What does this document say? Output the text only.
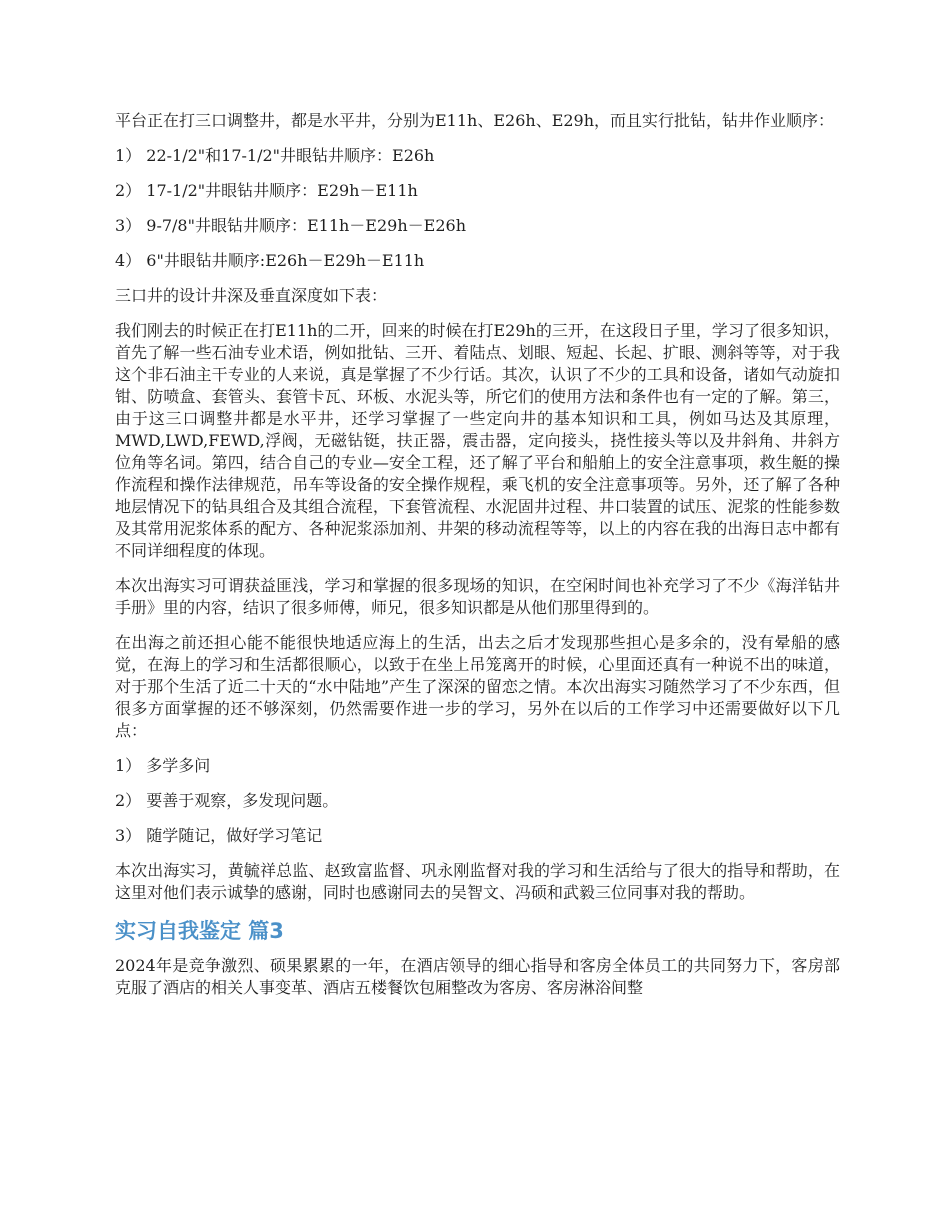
平台正在打三口调整井，都是水平井，分别为E11h、E26h、E29h，而且实行批钻，钻井作业顺序：

1） 22-1/2"和17-1/2"井眼钻井顺序：E26h

2） 17-1/2"井眼钻井顺序：E29h－E11h

3） 9-7/8"井眼钻井顺序：E11h－E29h－E26h

4） 6"井眼钻井顺序:E26h－E29h－E11h

三口井的设计井深及垂直深度如下表：

我们刚去的时候正在打E11h的二开，回来的时候在打E29h的三开，在这段日子里，学习了很多知识，首先了解一些石油专业术语，例如批钻、三开、着陆点、划眼、短起、长起、扩眼、测斜等等，对于我这个非石油主干专业的人来说，真是掌握了不少行话。其次，认识了不少的工具和设备，诸如气动旋扣钳、防喷盒、套管头、套管卡瓦、环板、水泥头等，所它们的使用方法和条件也有一定的了解。第三，由于这三口调整井都是水平井，还学习掌握了一些定向井的基本知识和工具，例如马达及其原理，MWD,LWD,FEWD,浮阀，无磁钻铤，扶正器，震击器，定向接头，挠性接头等以及井斜角、井斜方位角等名词。第四，结合自己的专业—安全工程，还了解了平台和船舶上的安全注意事项，救生艇的操作流程和操作法律规范，吊车等设备的安全操作规程，乘飞机的安全注意事项等。另外，还了解了各种地层情况下的钻具组合及其组合流程，下套管流程、水泥固井过程、井口装置的试压、泥浆的性能参数及其常用泥浆体系的配方、各种泥浆添加剂、井架的移动流程等等，以上的内容在我的出海日志中都有不同详细程度的体现。

本次出海实习可谓获益匪浅，学习和掌握的很多现场的知识，在空闲时间也补充学习了不少《海洋钻井手册》里的内容，结识了很多师傅，师兄，很多知识都是从他们那里得到的。

在出海之前还担心能不能很快地适应海上的生活，出去之后才发现那些担心是多余的，没有晕船的感觉，在海上的学习和生活都很顺心，以致于在坐上吊笼离开的时候，心里面还真有一种说不出的味道，对于那个生活了近二十天的“水中陆地”产生了深深的留恋之情。本次出海实习随然学习了不少东西，但很多方面掌握的还不够深刻，仍然需要作进一步的学习，另外在以后的工作学习中还需要做好以下几点：

1） 多学多问

2） 要善于观察，多发现问题。

3） 随学随记，做好学习笔记

本次出海实习，黄毓祥总监、赵致富监督、巩永刚监督对我的学习和生活给与了很大的指导和帮助，在这里对他们表示诚挚的感谢，同时也感谢同去的吴智文、冯硕和武毅三位同事对我的帮助。

实习自我鉴定 篇3

2024年是竞争激烈、硕果累累的一年，在酒店领导的细心指导和客房全体员工的共同努力下，客房部克服了酒店的相关人事变革、酒店五楼餐饮包厢整改为客房、客房淋浴间整
